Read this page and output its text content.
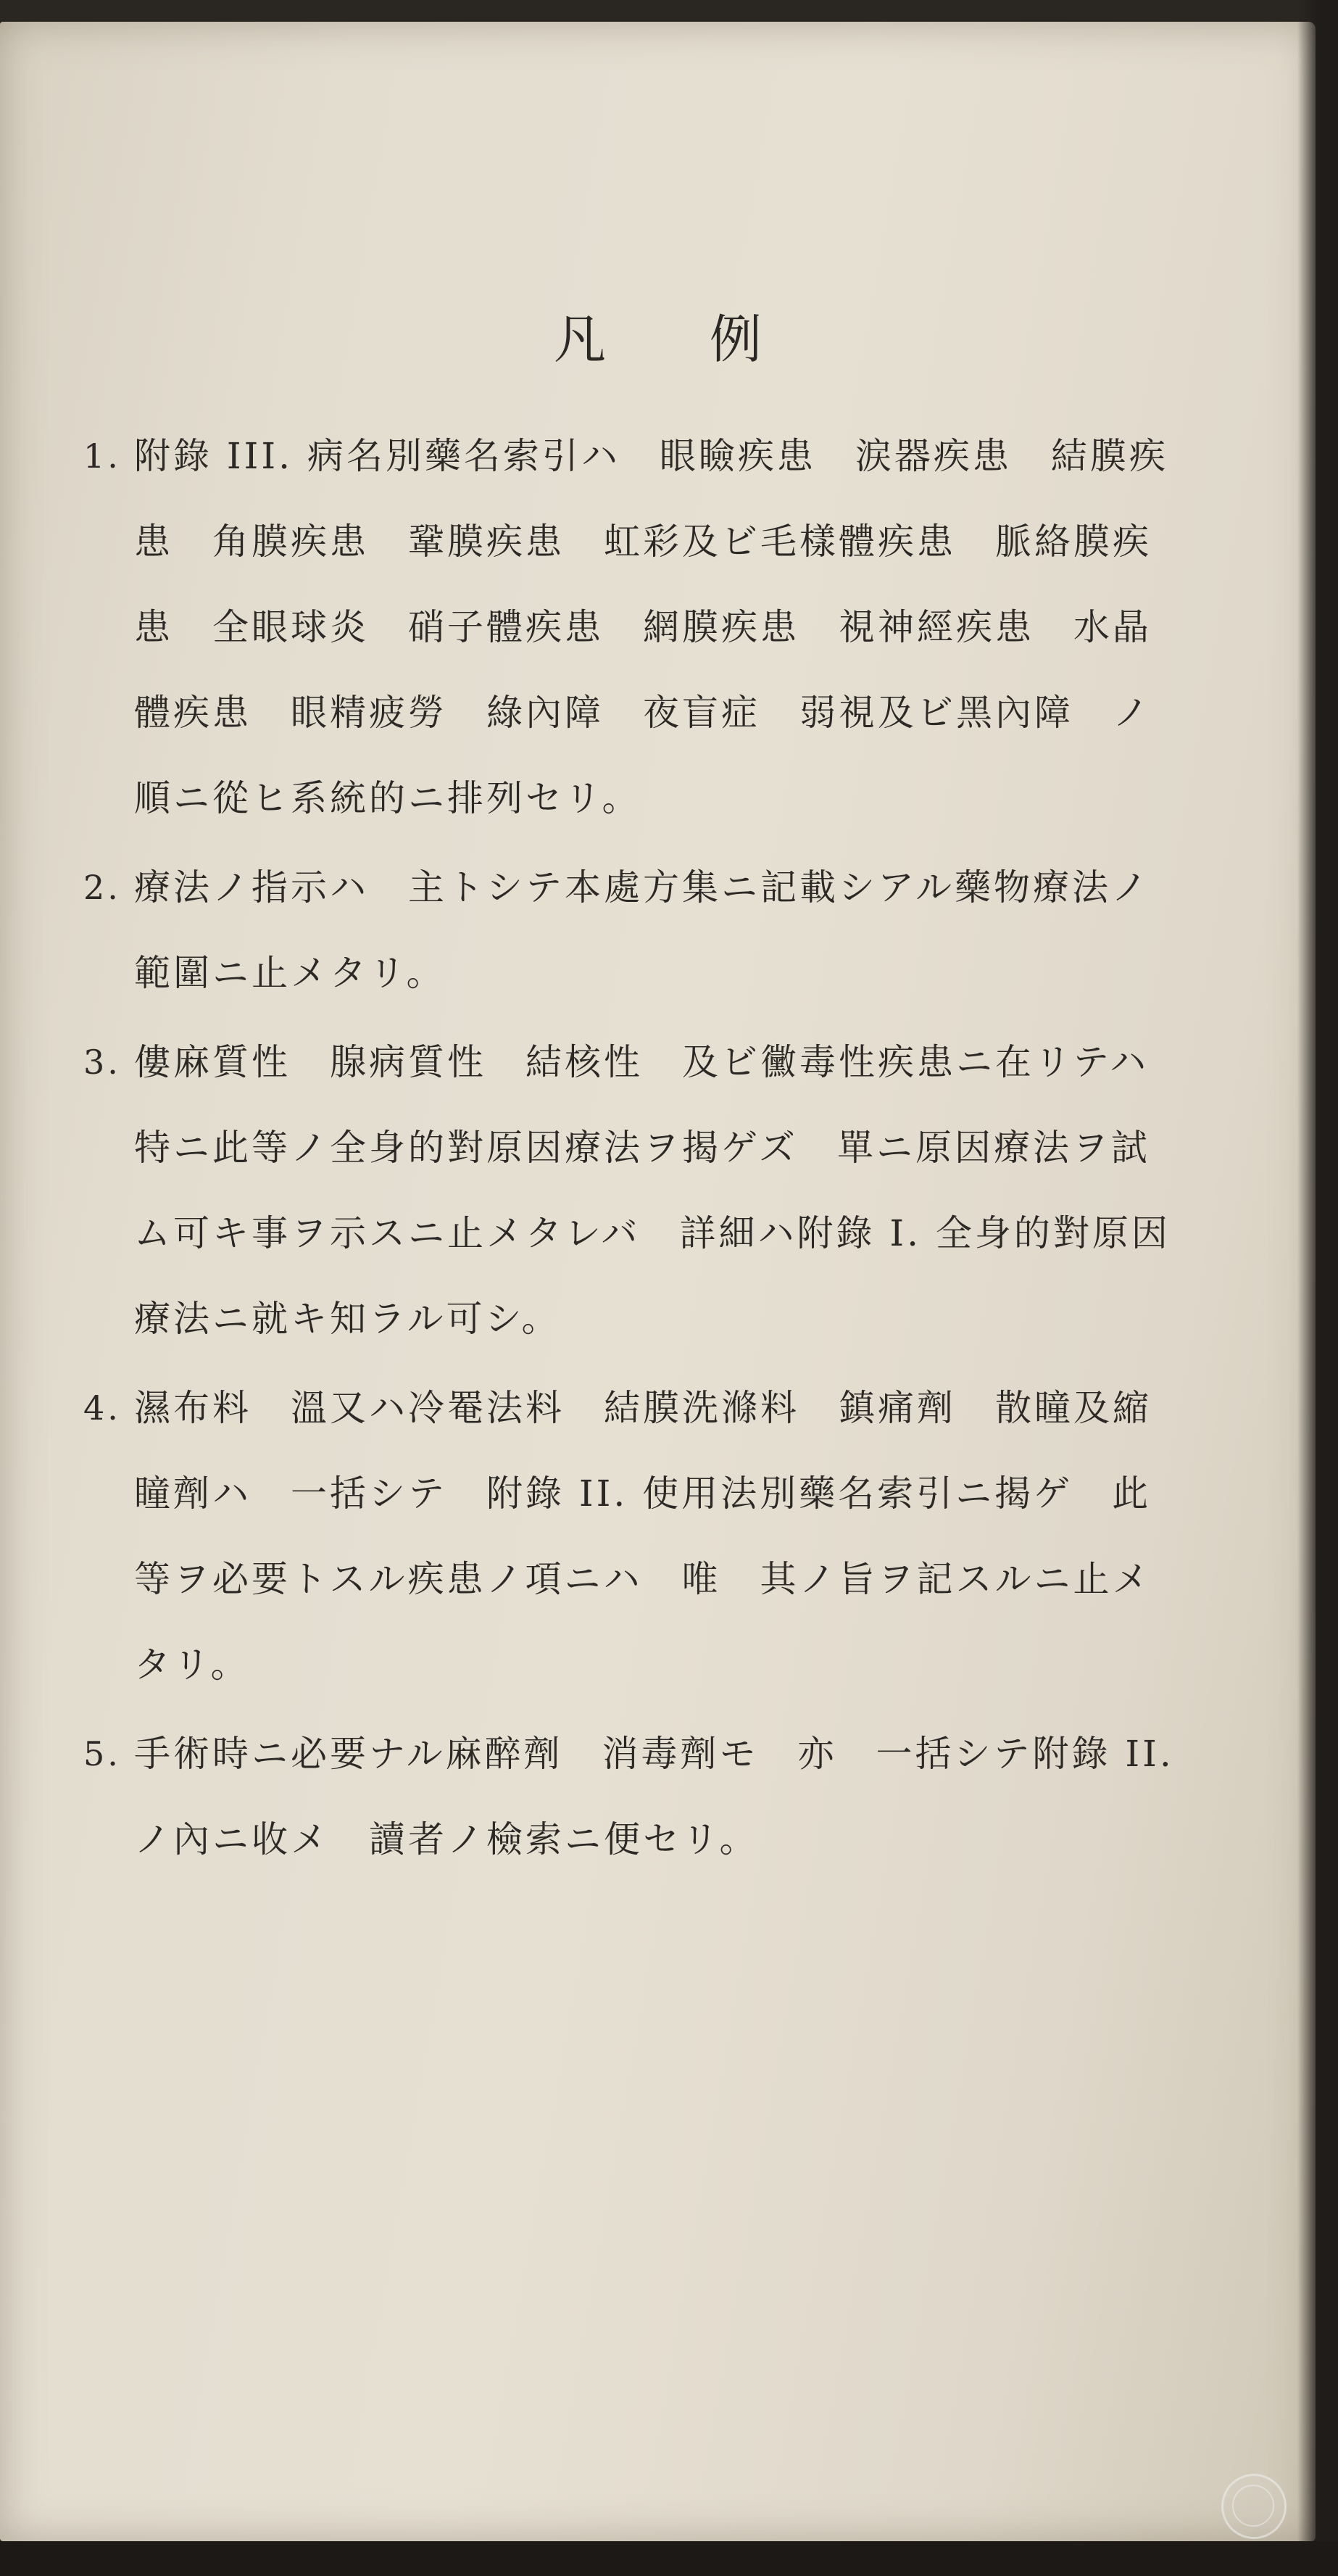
凡 例
1. 附錄 III. 病名別藥名索引ハ　眼瞼疾患　涙器疾患　結膜疾患　角膜疾患　鞏膜疾患　虹彩及ビ毛樣體疾患　脈絡膜疾患　全眼球炎　硝子體疾患　網膜疾患　視神經疾患　水晶體疾患　眼精疲勞　綠內障　夜盲症　弱視及ビ黑內障　ノ順ニ從ヒ系統的ニ排列セリ。
2. 療法ノ指示ハ　主トシテ本處方集ニ記載シアル藥物療法ノ範圍ニ止メタリ。
3. 僂麻質性　腺病質性　結核性　及ビ黴毒性疾患ニ在リテハ　特ニ此等ノ全身的對原因療法ヲ揭ゲズ　單ニ原因療法ヲ試ム可キ事ヲ示スニ止メタレバ　詳細ハ附錄 I. 全身的對原因療法ニ就キ知ラル可シ。
4. 濕布料　溫又ハ冷罨法料　結膜洗滌料　鎮痛劑　散瞳及縮瞳劑ハ　一括シテ　附錄 II. 使用法別藥名索引ニ揭ゲ　此等ヲ必要トスル疾患ノ項ニハ　唯　其ノ旨ヲ記スルニ止メタリ。
5. 手術時ニ必要ナル麻醉劑　消毒劑モ　亦　一括シテ附錄 II. ノ內ニ收メ　讀者ノ檢索ニ便セリ。
